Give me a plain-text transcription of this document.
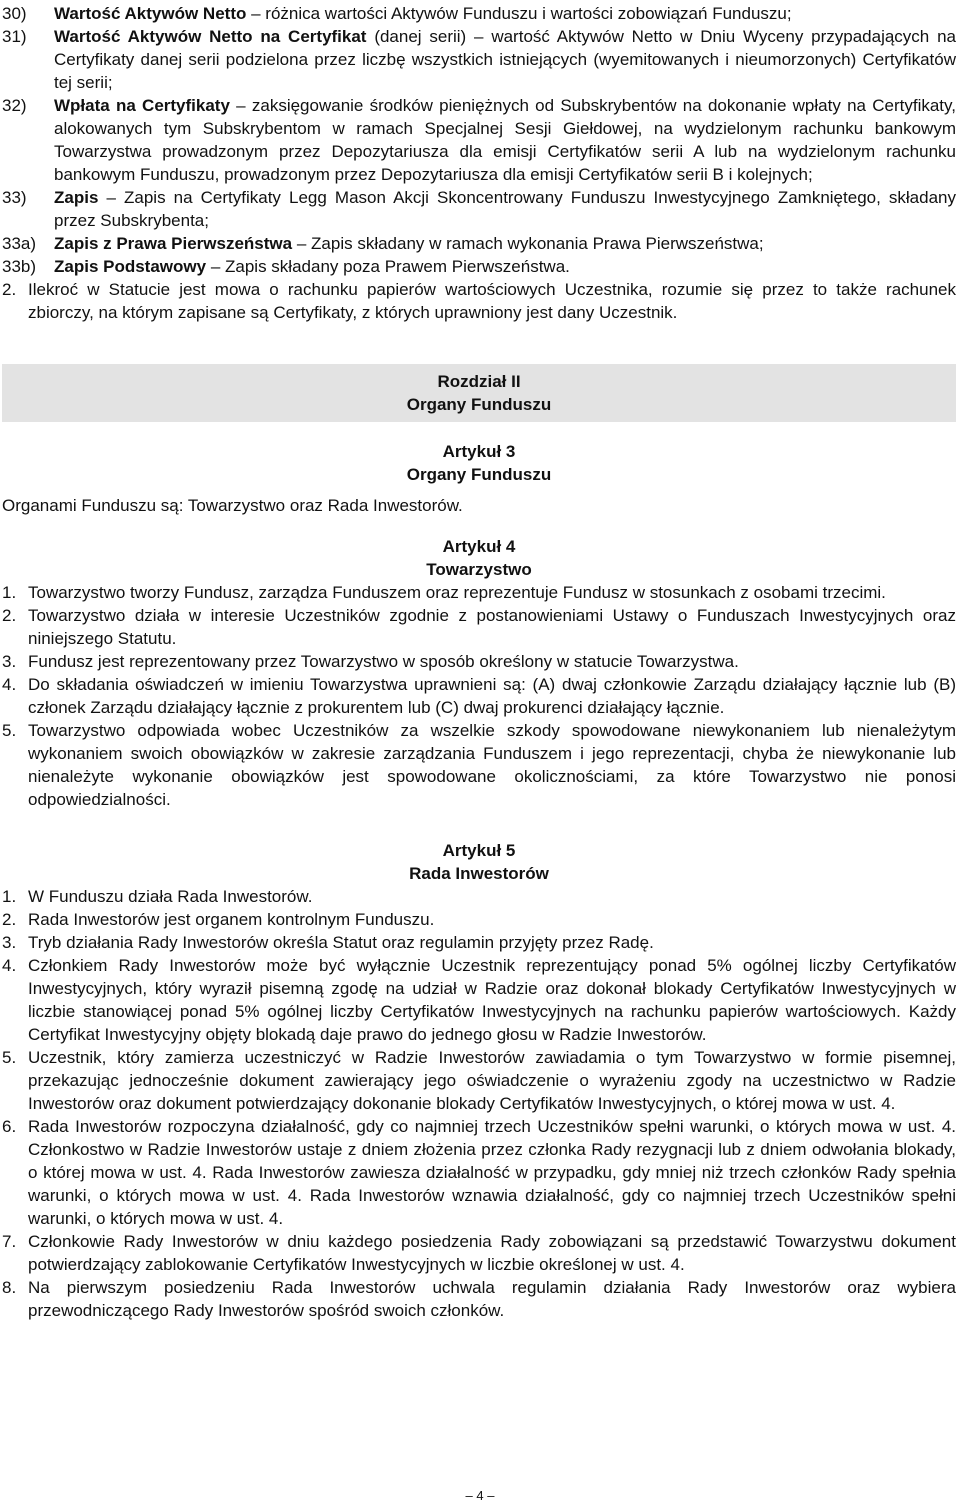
30) Wartość Aktywów Netto – różnica wartości Aktywów Funduszu i wartości zobowiązań Funduszu;
31) Wartość Aktywów Netto na Certyfikat (danej serii) – wartość Aktywów Netto w Dniu Wyceny przypadających na Certyfikaty danej serii podzielona przez liczbę wszystkich istniejących (wyemitowanych i nieumorzonych) Certyfikatów tej serii;
32) Wpłata na Certyfikaty – zaksięgowanie środków pieniężnych od Subskrybentów na dokonanie wpłaty na Certyfikaty, alokowanych tym Subskrybentom w ramach Specjalnej Sesji Giełdowej, na wydzielonym rachunku bankowym Towarzystwa prowadzonym przez Depozytariusza dla emisji Certyfikatów serii A lub na wydzielonym rachunku bankowym Funduszu, prowadzonym przez Depozytariusza dla emisji Certyfikatów serii B i kolejnych;
33) Zapis – Zapis na Certyfikaty Legg Mason Akcji Skoncentrowany Funduszu Inwestycyjnego Zamkniętego, składany przez Subskrybenta;
33a) Zapis z Prawa Pierwszeństwa – Zapis składany w ramach wykonania Prawa Pierwszeństwa;
33b) Zapis Podstawowy – Zapis składany poza Prawem Pierwszeństwa.
2. Ilekroć w Statucie jest mowa o rachunku papierów wartościowych Uczestnika, rozumie się przez to także rachunek zbiorczy, na którym zapisane są Certyfikaty, z których uprawniony jest dany Uczestnik.
Rozdział II
Organy Funduszu
Artykuł 3
Organy Funduszu
Organami Funduszu są: Towarzystwo oraz Rada Inwestorów.
Artykuł 4
Towarzystwo
1. Towarzystwo tworzy Fundusz, zarządza Funduszem oraz reprezentuje Fundusz w stosunkach z osobami trzecimi.
2. Towarzystwo działa w interesie Uczestników zgodnie z postanowieniami Ustawy o Funduszach Inwestycyjnych oraz niniejszego Statutu.
3. Fundusz jest reprezentowany przez Towarzystwo w sposób określony w statucie Towarzystwa.
4. Do składania oświadczeń w imieniu Towarzystwa uprawnieni są: (A) dwaj członkowie Zarządu działający łącznie lub (B) członek Zarządu działający łącznie z prokurentem lub (C) dwaj prokurenci działający łącznie.
5. Towarzystwo odpowiada wobec Uczestników za wszelkie szkody spowodowane niewykonaniem lub nienależytym wykonaniem swoich obowiązków w zakresie zarządzania Funduszem i jego reprezentacji, chyba że niewykonanie lub nienależyte wykonanie obowiązków jest spowodowane okolicznościami, za które Towarzystwo nie ponosi odpowiedzialności.
Artykuł 5
Rada Inwestorów
1. W Funduszu działa Rada Inwestorów.
2. Rada Inwestorów jest organem kontrolnym Funduszu.
3. Tryb działania Rady Inwestorów określa Statut oraz regulamin przyjęty przez Radę.
4. Członkiem Rady Inwestorów może być wyłącznie Uczestnik reprezentujący ponad 5% ogólnej liczby Certyfikatów Inwestycyjnych, który wyraził pisemną zgodę na udział w Radzie oraz dokonał blokady Certyfikatów Inwestycyjnych w liczbie stanowiącej ponad 5% ogólnej liczby Certyfikatów Inwestycyjnych na rachunku papierów wartościowych. Każdy Certyfikat Inwestycyjny objęty blokadą daje prawo do jednego głosu w Radzie Inwestorów.
5. Uczestnik, który zamierza uczestniczyć w Radzie Inwestorów zawiadamia o tym Towarzystwo w formie pisemnej, przekazując jednocześnie dokument zawierający jego oświadczenie o wyrażeniu zgody na uczestnictwo w Radzie Inwestorów oraz dokument potwierdzający dokonanie blokady Certyfikatów Inwestycyjnych, o której mowa w ust. 4.
6. Rada Inwestorów rozpoczyna działalność, gdy co najmniej trzech Uczestników spełni warunki, o których mowa w ust. 4. Członkostwo w Radzie Inwestorów ustaje z dniem złożenia przez członka Rady rezygnacji lub z dniem odwołania blokady, o której mowa w ust. 4. Rada Inwestorów zawiesza działalność w przypadku, gdy mniej niż trzech członków Rady spełnia warunki, o których mowa w ust. 4. Rada Inwestorów wznawia działalność, gdy co najmniej trzech Uczestników spełni warunki, o których mowa w ust. 4.
7. Członkowie Rady Inwestorów w dniu każdego posiedzenia Rady zobowiązani są przedstawić Towarzystwu dokument potwierdzający zablokowanie Certyfikatów Inwestycyjnych w liczbie określonej w ust. 4.
8. Na pierwszym posiedzeniu Rada Inwestorów uchwala regulamin działania Rady Inwestorów oraz wybiera przewodniczącego Rady Inwestorów spośród swoich członków.
– 4 –
